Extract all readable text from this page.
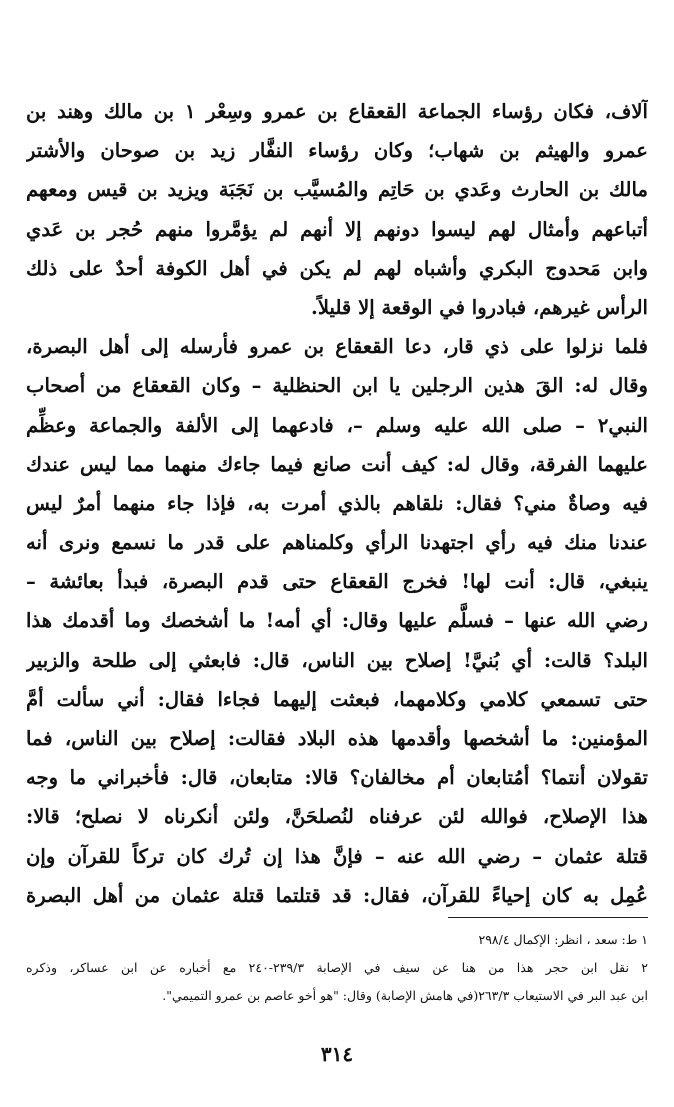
آلاف، فكان رؤساء الجماعة القعقاع بن عمرو وسِعْر ١ بن مالك وهند بن
عمرو والهيثم بن شهاب؛ وكان رؤساء النفَّار زيد بن صوحان والأشتر
مالك بن الحارث وعَدي بن حَاتِم والمُسيَّب بن نَجَبَة ويزيد بن قيس ومعهم
أتباعهم وأمثال لهم ليسوا دونهم إلا أنهم لم يؤمَّروا منهم حُجر بن عَدي
وابن مَحدوج البكري وأشباه لهم لم يكن في أهل الكوفة أحدٌ على ذلك
الرأس غيرهم، فبادروا في الوقعة إلا قليلاً.
فلما نزلوا على ذي قار، دعا القعقاع بن عمرو فأرسله إلى أهل البصرة،
وقال له: القَ هذين الرجلين يا ابن الحنظلية – وكان القعقاع من أصحاب
النبي٢ – صلى الله عليه وسلم –، فادعهما إلى الألفة والجماعة وعظِّم
عليهما الفرقة، وقال له: كيف أنت صانع فيما جاءك منهما مما ليس عندك
فيه وصاةٌ مني؟ فقال: نلقاهم بالذي أمرت به، فإذا جاء منهما أمرٌ ليس
عندنا منك فيه رأي اجتهدنا الرأي وكلمناهم على قدر ما نسمع ونرى أنه
ينبغي، قال: أنت لها! فخرج القعقاع حتى قدم البصرة، فبدأ بعائشة –
رضي الله عنها – فسلَّم عليها وقال: أي أمه! ما أشخصك وما أقدمك هذا
البلد؟ قالت: أي بُنيَّ! إصلاح بين الناس، قال: فابعثي إلى طلحة والزبير
حتى تسمعي كلامي وكلامهما، فبعثت إليهما فجاءا فقال: أني سألت أمَّ
المؤمنين: ما أشخصها وأقدمها هذه البلاد فقالت: إصلاح بين الناس، فما
تقولان أنتما؟ أمُتابعان أم مخالفان؟ قالا: متابعان، قال: فأخبراني ما وجه
هذا الإصلاح، فوالله لئن عرفناه لنُصلحَنَّ، ولئن أنكرناه لا نصلح؛ قالا:
قتلة عثمان – رضي الله عنه – فإنَّ هذا إن تُرك كان تركاً للقرآن وإن
عُمِل به كان إحياءً للقرآن، فقال: قد قتلتما قتلة عثمان من أهل البصرة
١ ط: سعد ، انظر: الإكمال ٢٩٨/٤
٢ نقل ابن حجر هذا من هنا عن سيف في الإصابة ٢٣٩/٣-٢٤٠ مع أخباره عن ابن عساكر، وذكره
ابن عبد البر في الاستيعاب ٢٦٣/٣(في هامش الإصابة) وقال: "هو أخو عاصم بن عمرو التميمي".
٣١٤
